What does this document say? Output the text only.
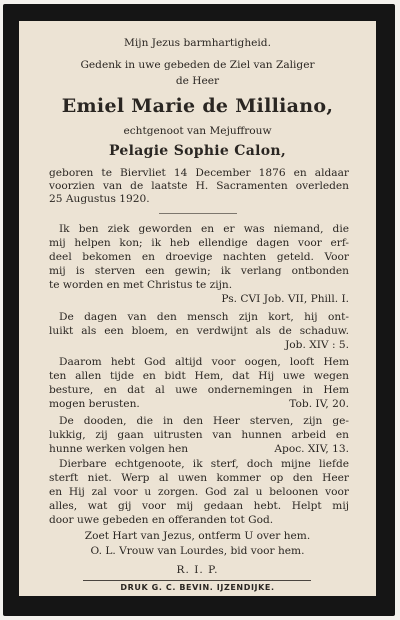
Mijn Jezus barmhartigheid.
Gedenk in uwe gebeden de Ziel van Zaliger
de Heer
Emiel Marie de Milliano,
echtgenoot van Mejuffrouw
Pelagie Sophie Calon,
geboren te Biervliet 14 December 1876 en aldaar
voorzien van de laatste H. Sacramenten overleden
25 Augustus 1920.
Ik ben ziek geworden en er was niemand, die
mij helpen kon; ik heb ellendige dagen voor erf-
deel bekomen en droevige nachten geteld. Voor
mij is sterven een gewin; ik verlang ontbonden
te worden en met Christus te zijn.
Ps. CVI Job. VII, Phill. I.
De dagen van den mensch zijn kort, hij ont-
luikt als een bloem, en verdwijnt als de schaduw.
Job. XIV : 5.
Daarom hebt God altijd voor oogen, looft Hem
ten allen tijde en bidt Hem, dat Hij uwe wegen
besture, en dat al uwe ondernemingen in Hem
mogen berusten.	Tob. IV, 20.
De dooden, die in den Heer sterven, zijn ge-
lukkig, zij gaan uitrusten van hunnen arbeid en
hunne werken volgen hen	Apoc. XIV, 13.
Dierbare echtgenoote, ik sterf, doch mijne liefde
sterft niet. Werp al uwen kommer op den Heer
en Hij zal voor u zorgen. God zal u beloonen voor
alles, wat gij voor mij gedaan hebt. Helpt mij
door uwe gebeden en offeranden tot God.
Zoet Hart van Jezus, ontferm U over hem.
O. L. Vrouw van Lourdes, bid voor hem.
R. I. P.
DRUK G. C. BEVIN. IJZENDIJKE.
